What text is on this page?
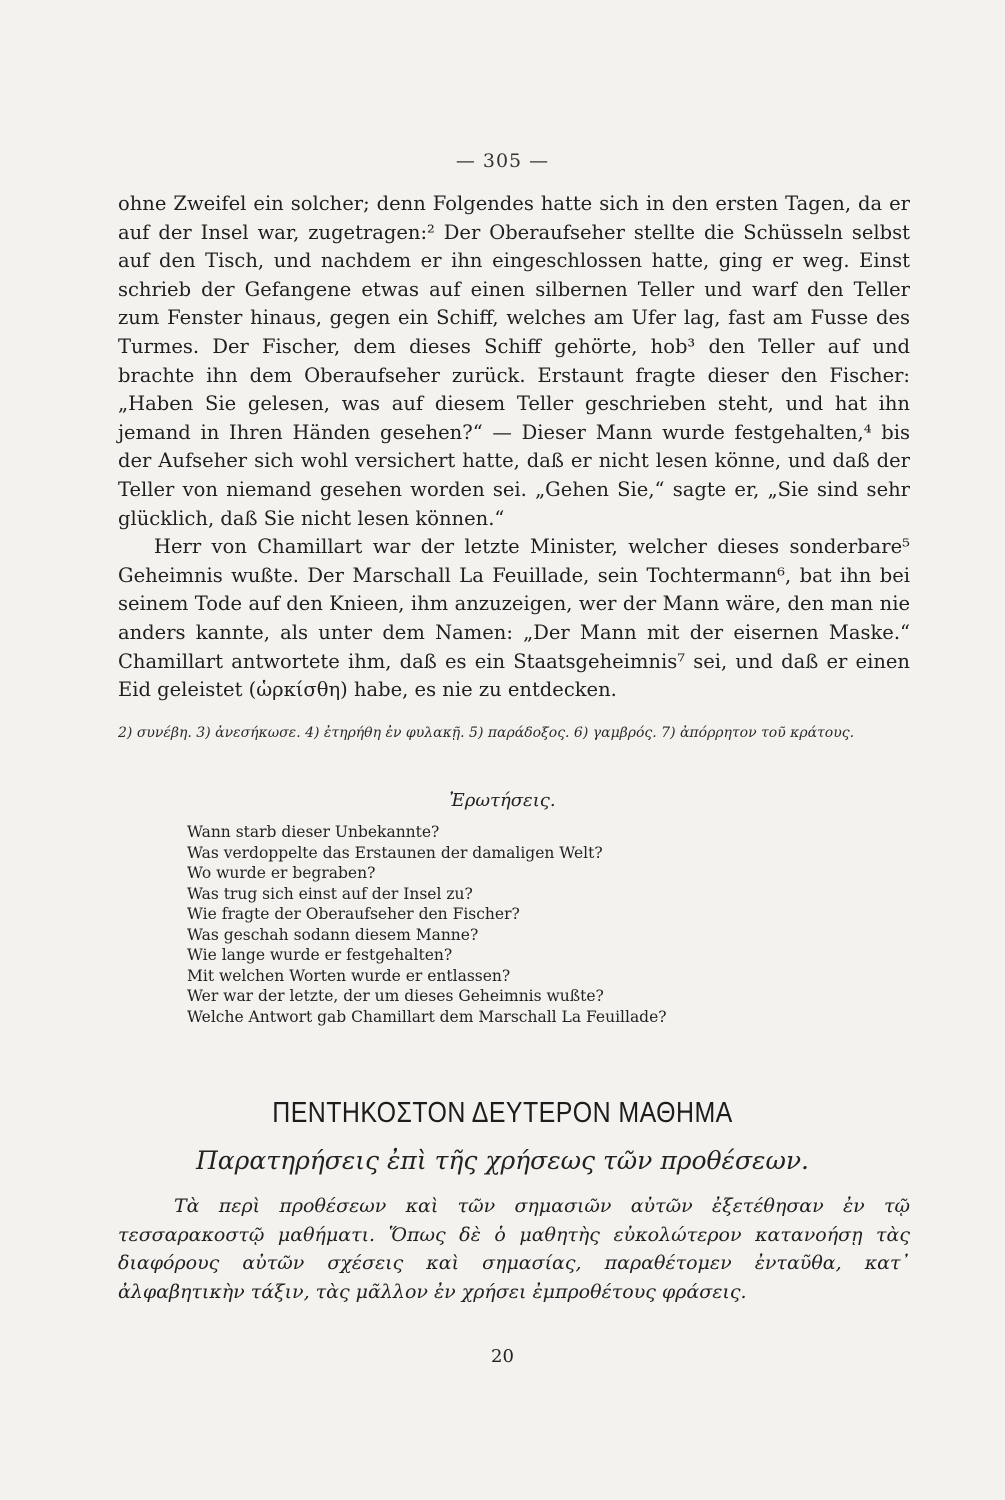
— 305 —

ohne Zweifel ein solcher; denn Folgendes hatte sich in den ersten Tagen, da er auf der Insel war, zugetragen:² Der Oberaufseher stellte die Schüsseln selbst auf den Tisch, und nachdem er ihn eingeschlossen hatte, ging er weg. Einst schrieb der Gefangene etwas auf einen silbernen Teller und warf den Teller zum Fenster hinaus, gegen ein Schiff, welches am Ufer lag, fast am Fusse des Turmes. Der Fischer, dem dieses Schiff gehörte, hob³ den Teller auf und brachte ihn dem Oberaufseher zurück. Erstaunt fragte dieser den Fischer: „Haben Sie gelesen, was auf diesem Teller geschrieben steht, und hat ihn jemand in Ihren Händen gesehen?“ — Dieser Mann wurde festgehalten,⁴ bis der Aufseher sich wohl versichert hatte, daß er nicht lesen könne, und daß der Teller von niemand gesehen worden sei. „Gehen Sie,“ sagte er, „Sie sind sehr glücklich, daß Sie nicht lesen können.“

Herr von Chamillart war der letzte Minister, welcher dieses sonderbare⁵ Geheimnis wußte. Der Marschall La Feuillade, sein Tochtermann⁶, bat ihn bei seinem Tode auf den Knieen, ihm anzuzeigen, wer der Mann wäre, den man nie anders kannte, als unter dem Namen: „Der Mann mit der eisernen Maske.“ Chamillart antwortete ihm, daß es ein Staatsgeheimnis⁷ sei, und daß er einen Eid geleistet (ὡρκίσθη) habe, es nie zu entdecken.

2) συνέβη. 3) ἀνεσήκωσε. 4) ἐτηρήθη ἐν φυλακῇ. 5) παράδοξος. 6) γαμβρός. 7) ἀπόρρητον τοῦ κράτους.
Ἐρωτήσεις.
Wann starb dieser Unbekannte?
Was verdoppelte das Erstaunen der damaligen Welt?
Wo wurde er begraben?
Was trug sich einst auf der Insel zu?
Wie fragte der Oberaufseher den Fischer?
Was geschah sodann diesem Manne?
Wie lange wurde er festgehalten?
Mit welchen Worten wurde er entlassen?
Wer war der letzte, der um dieses Geheimnis wußte?
Welche Antwort gab Chamillart dem Marschall La Feuillade?
ΠΕΝΤΗΚΟΣΤΟΝ ΔΕΥΤΕΡΟΝ ΜΑΘΗΜΑ
Παρατηρήσεις ἐπὶ τῆς χρήσεως τῶν προθέσεων.
Τὰ περὶ προθέσεων καὶ τῶν σημασιῶν αὐτῶν ἐξετέθησαν ἐν τῷ τεσσαρακοστῷ μαθήματι. Ὅπως δὲ ὁ μαθητὴς εὐκολώτερον κατανοήσῃ τὰς διαφόρους αὐτῶν σχέσεις καὶ σημασίας, παραθέτομεν ἐνταῦθα, κατ᾽ ἀλφαβητικὴν τάξιν, τὰς μᾶλλον ἐν χρήσει ἐμπροθέτους φράσεις.
20
